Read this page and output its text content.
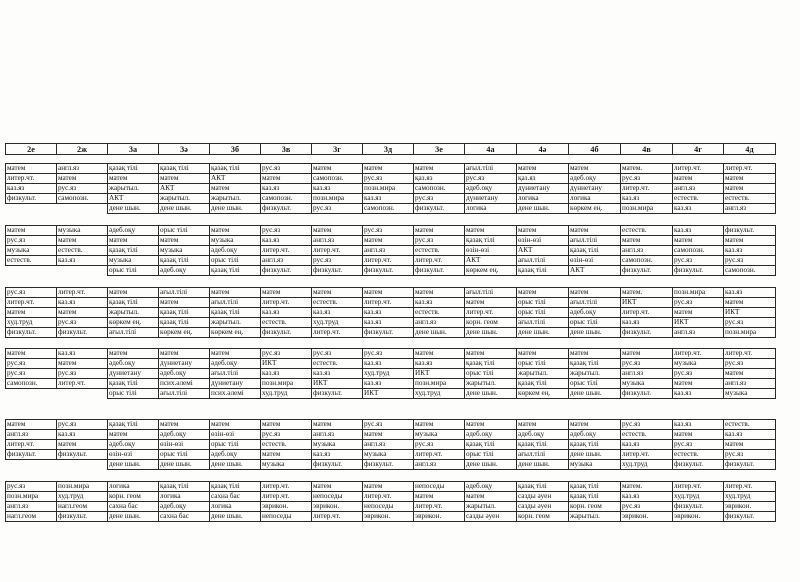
2е	2ж	3а	3ә	3б	3в	3г	3д	3е	4а	4ә	4б	4в	4г	4д
матем	англ.яз	қазақ тілі	қазақ тілі	қазақ тілі	рус.яз	матем	матем	матем	ағыл.тілі	матем	матем	матем.	литер.чт.	литер.чт.
литер.чт.	матем	матем	матем	АКТ	матем	самопозн.	рус.яз	қаз.яз	рус.яз	қаз.яз	әдеб.оқу	рус.яз	матем	матем
каз.яз	рус.яз	жарытыл.	АКТ	матем	каз.яз	каз.яз	позн.мира	самопозн.	әдеб.оқу	дүниетану	дүниетану	литер.чт.	англ.яз	матем
физкульт.	самопозн.	АКТ	жарытыл.	жарытыл.	самопозн.	позн.мира	каз.яз	рус.яз	дүниетану	логика	логика	каз.яз	естеств.	естеств.
		дене шын.	дене шын.	дене шын.	физкульт.	рус.яз	самопозн.	физкульт.	логика	дене шын.	көркем ең.	позн.мира	каз.яз	англ.яз
матем	музыка	әдеб.оқу	орыс тілі	матем	рус.яз	матем	рус.яз	матем	матем	матем	матем	естеств.	каз.яз	физкульт.
рус.яз	матем	матем	матем	музыка	каз.яз	англ.яз	матем	рус.яз	қазақ тілі	өзін-өзі	ағыл.тілі	матем	матем	матем
музыка	естеств.	қазақ тілі	музыка	әдеб.оқу	литер.чт.	литер.чт.	англ.яз	естеств.	өзін-өзі	АКТ	қазақ тілі	англ.яз	самопозн.	каз.яз
естеств.	каз.яз	музыка	қазақ тілі	орыс тілі	англ.яз	рус.яз	литер.чт.	литер.чт.	АКТ	ағыл.тілі	өзін-өзі	самопозн.	рус.яз	рус.яз
		орыс тілі	әдеб.оқу	қазақ тілі	физкульт.	физкульт.	физкульт.	физкульт.	көркем ең.	қазақ тілі	АКТ	физкульт.	физкульт.	самопозн.
рус.яз	литер.чт.	матем	ағыл.тілі	матем	матем	матем	матем	матем	ағыл.тілі	матем	матем	матем.	позн.мира	каз.яз
литер.чт.	каз.яз	қазақ тілі	матем	ағыл.тілі	литер.чт.	естеств.	литер.чт.	каз.яз	матем	орыс тілі	ағыл.тілі	ИКТ	рус.яз	матем
матем	матем	жарытыл.	қазақ тілі	қазақ тілі	каз.яз	каз.яз	каз.яз	естеств.	литер.чт.	орыс тілі	әдеб.оқу	литер.чт.	матем	ИКТ
худ.труд	рус.яз	көркем ең.	қазақ тілі	жарытыл.	естеств.	худ.труд	каз.яз	англ.яз	корн. геом	ағыл.тілі	орыс тілі	каз.яз	ИКТ	рус.яз
физкульт.	физкульт.	ағыл.тілі	көркем ең.	көркем ең.	физкульт.	литер.чт.	физкульт.	дене шын.	дене шын.	дене шын.	дене шын.	физкульт.	англ.яз	позн.мира
матем	каз.яз	матем	матем	матем	рус.яз	рус.яз	рус.яз	матем	матем	матем	матем	матем	литер.чт.	литер.чт.
рус.яз	матем	әдеб.оқу	дүниетану	әдеб.оқу	ИКТ	естеств.	каз.яз	каз.яз	қазақ тілі	орыс тілі	қазақ тілі	рус.яз	музыка	рус.яз
рус.яз	рус.яз	дүниетану	әдеб.оқу	ағыл.тілі	каз.яз	каз.яз	худ.труд	ИКТ	орыс тілі	жарытыл.	жарытыл.	англ.яз	рус.яз	матем
самопозн.	литер.чт.	қазақ тілі	псих.әлемі	дүниетану	позн.мира	ИКТ	каз.яз	позн.мира	жарытыл.	қазақ тілі	орыс тілі	музыка	матем	англ.яз
		орыс тілі	ағыл.тілі	псих.әлемі	худ.труд	физкульт.	ИКТ	худ.труд	дене шын.	көркем ең.	дене шын.	физкульт.	каз.яз	музыка
матем	рус.яз	қазақ тілі	матем	матем	матем	матем	рус.яз	матем	матем	матем	матем	рус.яз	каз.яз	естеств.
англ.яз	каз.яз	матем	әдеб.оқу	өзін-өзі	рус.яз	англ.яз	матем	музыка	әдеб.оқу	әдеб.оқу	әдеб.оқу	естеств.	матем	каз.яз
литер.чт.	матем	әдеб.оқу	өзін-өзі	орыс тілі	естеств.	музыка	англ.яз	рус.яз	қазақ тілі	қазақ тілі	қазақ тілі	каз.яз	рус.яз	матем
физкульт.	физкульт.	өзін-өзі	орыс тілі	әдеб.оқу	матем	каз.яз	музыка	литер.чт.	орыс тілі	ағыл.тілі	дене шын.	литер.чт.	естеств.	рус.яз
		дене шын.	дене шын.	дене шын.	музыка	физкульт.	физкульт.	англ.яз	дене шын.	дене шын.	музыка	худ.труд	физкульт.	физкульт.
рус.яз	позн.мира	логика	қазақ тілі	қазақ тілі	литер.чт.	матем	матем	непоседы	әдеб.оқу	қазақ тілі	қазақ тілі	матем.	литер.чт.	литер.чт.
позн.мира	худ.труд	корн. геом	логика	сахна бас	литер.чт.	непоседы	литер.чт.	матем	матем	сазды әуен	қазақ тілі	каз.яз	худ.труд	худ.труд
англ.яз	нагл.геом	сахна бас	әдеб.оқу	логика	эврикон.	эврикон.	непоседы	литер.чт.	жарытыл.	сазды әуен	корн. геом	рус.яз	физкульт.	эврикон.
нагл.геом	физкульт.	дене шын.	сахна бас	дене шын.	непоседы	литер.чт.	эврикон.	эврикон.	сазды әуен	корн. геом	жарытыл.	эврикон.	эврикон.	физкульт.
